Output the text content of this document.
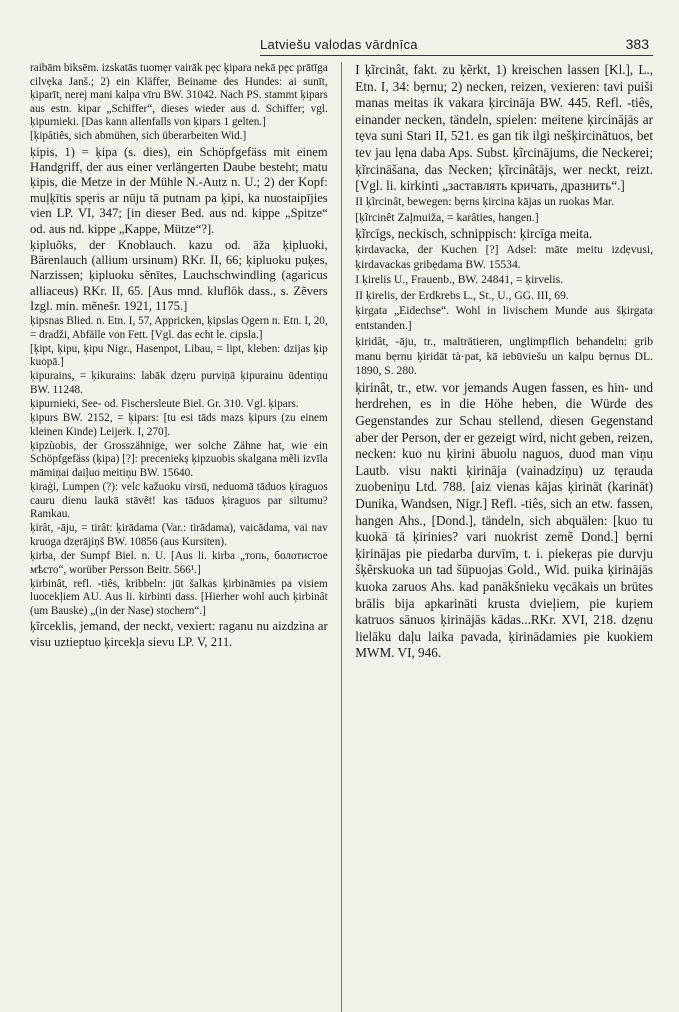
Latviešu valodas vārdnīca	383

raibām biksēm. izskatās tuomẹr vairāk pẹc ķipara nekā pẹc prātīga cilvẹka Janš.; 2) ein Kläffer, Beiname des Hundes: ai sunīt, ķiparīt, nerej mani kalpa vīru BW. 31042. Nach PS. stammt ķipars aus estn. kipar „Schiffer“, dieses wieder aus d. Schiffer; vgl. ķipurnieki. [Das kann allenfalls von ķipars 1 gelten.]

[ķipâtiês, sich abmühen, sich überarbeiten Wid.]

ķipis, 1) = ķipa (s. dies), ein Schöpfgefäss mit einem Handgriff, der aus einer verlängerten Daube besteht; matu ķipis, die Metze in der Mühle N.-Autz n. U.; 2) der Kopf: muļķītis spẹris ar nūju tā putnam pa ķipi, ka nuostaipījies vien LP. VI, 347; [in dieser Bed. aus nd. kippe „Spitze“ od. aus nd. kippe „Kappe, Mütze“?].

ķipluõks, der Knoblauch. kazu od. āža ķipluoki, Bärenlauch (allium ursinum) RKr. II, 66; ķipluoku puķes, Narzissen; ķipluoku sẽnītes, Lauchschwindling (agaricus alliaceus) RKr. II, 65. [Aus mnd. kluflôk dass., s. Zẽvers Izgl. min. mẽnešr. 1921, 1175.]

ķipsnas Blied. n. Etn. I, 57, Appricken, ķipslas Ogern n. Etn. I, 20, = dradži, Abfälle von Fett. [Vgl. das echt le. cipsla.]

[ķipt, ķipu, ķipu Nigr., Hasenpot, Libau, = lipt, kleben: dzijas ķip kuopā.]

ķipurains, = ķikurains: labāk dzẹru purviņā ķipurainu ūdentiņu BW. 11248.

ķipurnieki, See- od. Fischersleute Biel. Gr. 310. Vgl. ķipars.

ķipurs BW. 2152, = ķipars: [tu esi tāds mazs ķipurs (zu einem kleinen Kinde) Leijerk. I, 270].

ķipzùobis, der Grosszähnige, wer solche Zähne hat, wie ein Schöpfgefäss (ķipa) [?]: preceniekș ķipzuobis skalgana mẽli izvīla māmiņai daiļuo meitiņu BW. 15640.

ķiraģi, Lumpen (?): velc kažuoku virsū, neduomā tāduos ķiraguos cauru dienu laukā stāvẽt! kas tāduos ķiraguos par siltumu? Ramkau.

ķirât, -āju, = tirât: ķirādama (Var.: tirādama), vaicādama, vai nav kruoga dzẹrājiņš BW. 10856 (aus Kursiten).

ķirba, der Sumpf Biel. n. U. [Aus li. kirba „топь, болотистое мѣсто“, worüber Persson Beitr. 566¹.]

ķirbinât, refl. -tiês, kribbeln: jūt šalkas ķirbināmies pa visiem luocekļiem AU. Aus li. kirbinti dass. [Hierher wohl auch ķirbinât (um Bauske) „(in der Nase) stochern“.]

ķĩrceklis, jemand, der neckt, vexiert: raganu nu aizdzina ar visu uztieptuo ķircekļa sievu LP. V, 211.

I ķĩrcinât, fakt. zu ķẽrkt, 1) kreischen lassen [Kl.], L., Etn. I, 34: bẹrnu; 2) necken, reizen, vexieren: tavi puiši manas meitas ik vakara ķircināja BW. 445. Refl. -tiês, einander necken, tändeln, spielen: meitene ķircinājās ar tẹva suni Stari II, 521. es gan tik ilgi nešķircinātuos, bet tev jau lẹna daba Aps. Subst. ķĩrcinājums, die Neckerei; ķĩrcināšana, das Necken; ķĩrcinâtājs, wer neckt, reizt. [Vgl. li. kirkinti „заставлять кричать, дразнить“.]

II ķĩrcinât, bewegen: bẹrns ķircina kājas un ruokas Mar.

[ķĩrcinêt Zaļmuiža, = karâties, hangen.]

ķĩrcīgs, neckisch, schnippisch: ķircīga meita.

ķirdavacka, der Kuchen [?] Adsel: māte meitu izdẹvusi, ķirdavackas gribẹdama BW. 15534.

I ķirelis U., Frauenb., BW. 24841, = ķirvelis.

II ķirelis, der Erdkrebs L., St., U., GG. III, 69.

ķirgata „Eidechse“. Wohl in livischem Munde aus šķirgata entstanden.]

ķiridât, -āju, tr., malträtieren, unglimpflich behandeln: grib manu bẹrnu ķiridāt tà·pat, kā iebūviešu un kalpu bẹrnus DL. 1890, S. 280.

ķirinât, tr., etw. vor jemands Augen fassen, es hin- und herdrehen, es in die Höhe heben, die Würde des Gegenstandes zur Schau stellend, diesen Gegenstand aber der Person, der er gezeigt wird, nicht geben, reizen, necken: kuo nu ķirini ābuolu naguos, duod man viņu Lautb. visu nakti ķirināja (vainadziņu) uz tẹrauda zuobeniņu Ltd. 788. [aiz vienas kājas ķirināt (karināt) Dunika, Wandsen, Nigr.] Refl. -tiês, sich an etw. fassen, hangen Ahs., [Dond.], tändeln, sich abquälen: [kuo tu kuokā tā ķirinies? vari nuokrist zemẽ Dond.] bẹrni ķirinājas pie piedarba durvīm, t. i. piekeŗas pie durvju šķẽrskuoka un tad šūpuojas Gold., Wid. puika ķirinājās kuoka zaruos Ahs. kad panākšnieku vẹcākais un brūtes brālis bija apkarināti krusta dvieļiem, pie kuŗiem katruos sānuos ķirinājās kādas...RKr. XVI, 218. dzẹnu lielāku daļu laika pavada, ķirinādamies pie kuokiem MWM. VI, 946.
